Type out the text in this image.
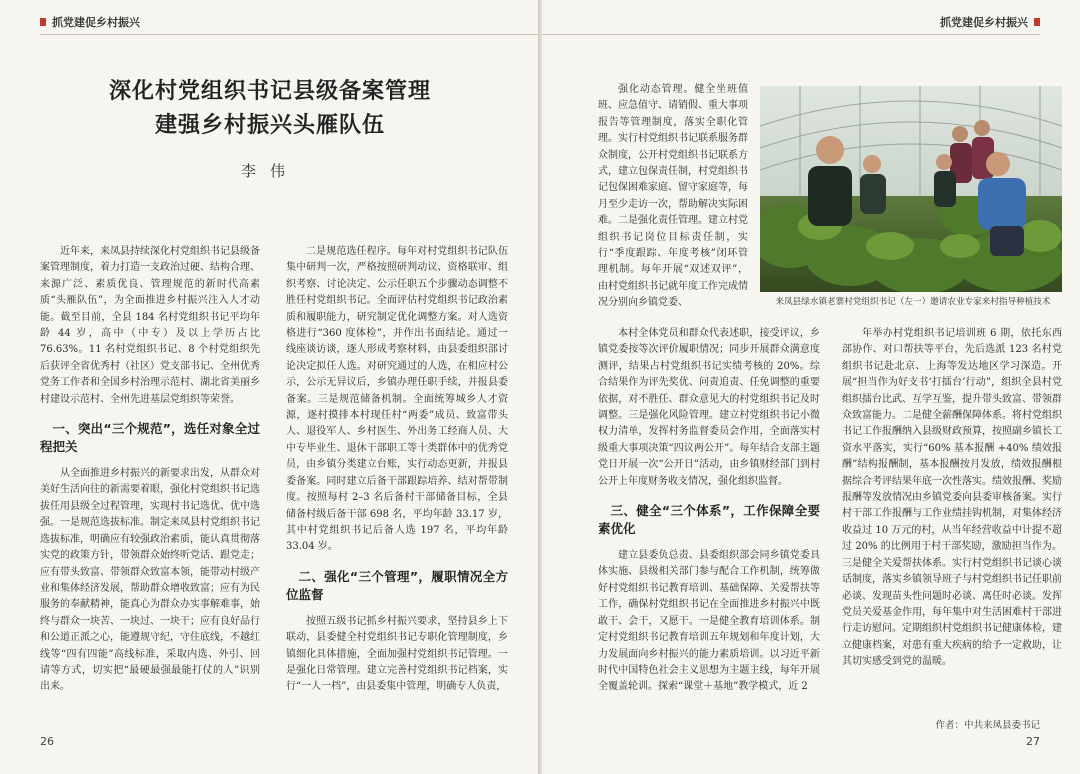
抓党建促乡村振兴
深化村党组织书记县级备案管理
建强乡村振兴头雁队伍
李伟

近年来，来凤县持续深化村党组织书记县级备案管理制度，着力打造一支政治过硬、结构合理、来源广泛、素质优良、管理规范的新时代高素质“头雁队伍”，为全面推进乡村振兴注入人才动能。截至目前，全县 184 名村党组织书记平均年龄 44 岁，高中（中专）及以上学历占比 76.63%。11 名村党组织书记、8 个村党组织先后获评全省优秀村（社区）党支部书记、全州优秀党务工作者和全国乡村治理示范村、湖北省美丽乡村建设示范村、全州先进基层党组织等荣誉。

一、突出“三个规范”，选任对象全过程把关

从全面推进乡村振兴的新要求出发，从群众对美好生活向往的新需要着眼，强化村党组织书记选拔任用县级全过程管理，实现村书记选优、优中选强。一是规范选拔标准。制定来凤县村党组织书记选拔标准，明确应有较强政治素质，能认真贯彻落实党的政策方针，带领群众始终听党话、跟党走；应有带头致富、带领群众致富本领，能带动村级产业和集体经济发展，帮助群众增收致富；应有为民服务的奉献精神，能真心为群众办实事解难事，始终与群众一块苦、一块过、一块干；应有良好品行和公道正派之心，能遵规守纪，守住底线，不越红线等“四有四能”高线标准，采取内选、外引、回请等方式，切实把“最硬最强最能打仗的人”识别出来。

二是规范选任程序。每年对村党组织书记队伍集中研判一次，严格按照研判动议、资格联审、组织考察、讨论决定、公示任职五个步骤动态调整不胜任村党组织书记。全面评估村党组织书记政治素质和履职能力，研究制定优化调整方案。对人选资格进行“360 度体检”，并作出书面结论。通过一线座谈访谈，逐人形成考察材料，由县委组织部讨论决定拟任人选。对研究通过的人选，在相应村公示，公示无异议后，乡镇办理任职手续，并报县委备案。三是规范储备机制。全面统筹城乡人才资源，逐村摸排本村现任村“两委”成员、致富带头人、退役军人、乡村医生、外出务工经商人员、大中专毕业生、退休干部职工等十类群体中的优秀党员，由乡镇分类建立台账，实行动态更新，并报县委备案。同时建立后备干部跟踪培养、结对帮带制度。按照每村 2–3 名后备村干部储备目标，全县储备村级后备干部 698 名，平均年龄 33.17 岁，其中村党组织书记后备人选 197 名，平均年龄 33.04 岁。

二、强化“三个管理”，履职情况全方位监督

按照五级书记抓乡村振兴要求，坚持县乡上下联动，县委健全村党组织书记专职化管理制度，乡镇细化具体措施，全面加强村党组织书记管理。一是强化日常管理。建立完善村党组织书记档案，实行“一人一档”，由县委集中管理，明确专人负责，

26
抓党建促乡村振兴

强化动态管理。健全坐班值班、应急值守、请销假、重大事项报告等管理制度，落实全职化管理。实行村党组织书记联系服务群众制度，公开村党组织书记联系方式，建立包保责任制，村党组织书记包保困难家庭、留守家庭等，每月至少走访一次，帮助解决实际困难。二是强化责任管理。建立村党组织书记岗位目标责任制，实行“季度跟踪、年度考核”闭环管理机制。每年开展“双述双评”，由村党组织书记就年度工作完成情况分别向乡镇党委、	来凤县绿水镇老寨村党组织书记（左一）邀请农业专家来村指导种植技术

本村全体党员和群众代表述职，接受评议，乡镇党委按等次评价履职情况；同步开展群众满意度测评，结果占村党组织书记实绩考核的 20%。综合结果作为评先奖优、问责追责、任免调整的重要依据，对不胜任、群众意见大的村党组织书记及时调整。三是强化风险管理。建立村党组织书记小微权力清单，发挥村务监督委员会作用，全面落实村级重大事项决策“四议两公开”。每年结合支部主题党日开展一次“公开日”活动，由乡镇财经部门到村公开上年度财务收支情况，强化组织监督。

三、健全“三个体系”，工作保障全要素优化

建立县委负总责、县委组织部会同乡镇党委具体实施、县级相关部门参与配合工作机制，统筹做好村党组织书记教育培训、基础保障、关爱帮扶等工作，确保村党组织书记在全面推进乡村振兴中既敢干、会干，又愿干。一是健全教育培训体系。制定村党组织书记教育培训五年规划和年度计划，大力发展面向乡村振兴的能力素质培训。以习近平新时代中国特色社会主义思想为主题主线，每年开展全覆盖轮训。探索“课堂＋基地”教学模式，近 2

年举办村党组织书记培训班 6 期，依托东西部协作、对口帮扶等平台，先后选派 123 名村党组织书记赴北京、上海等发达地区学习深造。开展“担当作为好支书‘打擂台’行动”，组织全县村党组织擂台比武、互学互鉴，提升带头致富、带领群众致富能力。二是健全薪酬保障体系。将村党组织书记工作报酬纳入县级财政预算，按照副乡镇长工资水平落实，实行“60% 基本报酬 +40% 绩效报酬”结构报酬制，基本报酬按月发放，绩效报酬根据综合考评结果年底一次性落实。绩效报酬、奖励报酬等发放情况由乡镇党委向县委审核备案。实行村干部工作报酬与工作业绩挂钩机制，对集体经济收益过 10 万元的村，从当年经营收益中计提不超过 20% 的比例用于村干部奖励，激励担当作为。三是健全关爱帮扶体系。实行村党组织书记谈心谈话制度，落实乡镇领导班子与村党组织书记任职前必谈、发现苗头性问题时必谈、离任时必谈。发挥党员关爱基金作用，每年集中对生活困难村干部进行走访慰问。定期组织村党组织书记健康体检，建立健康档案，对患有重大疾病的给予一定救助，让其切实感受到党的温暖。

作者：中共来凤县委书记
27
